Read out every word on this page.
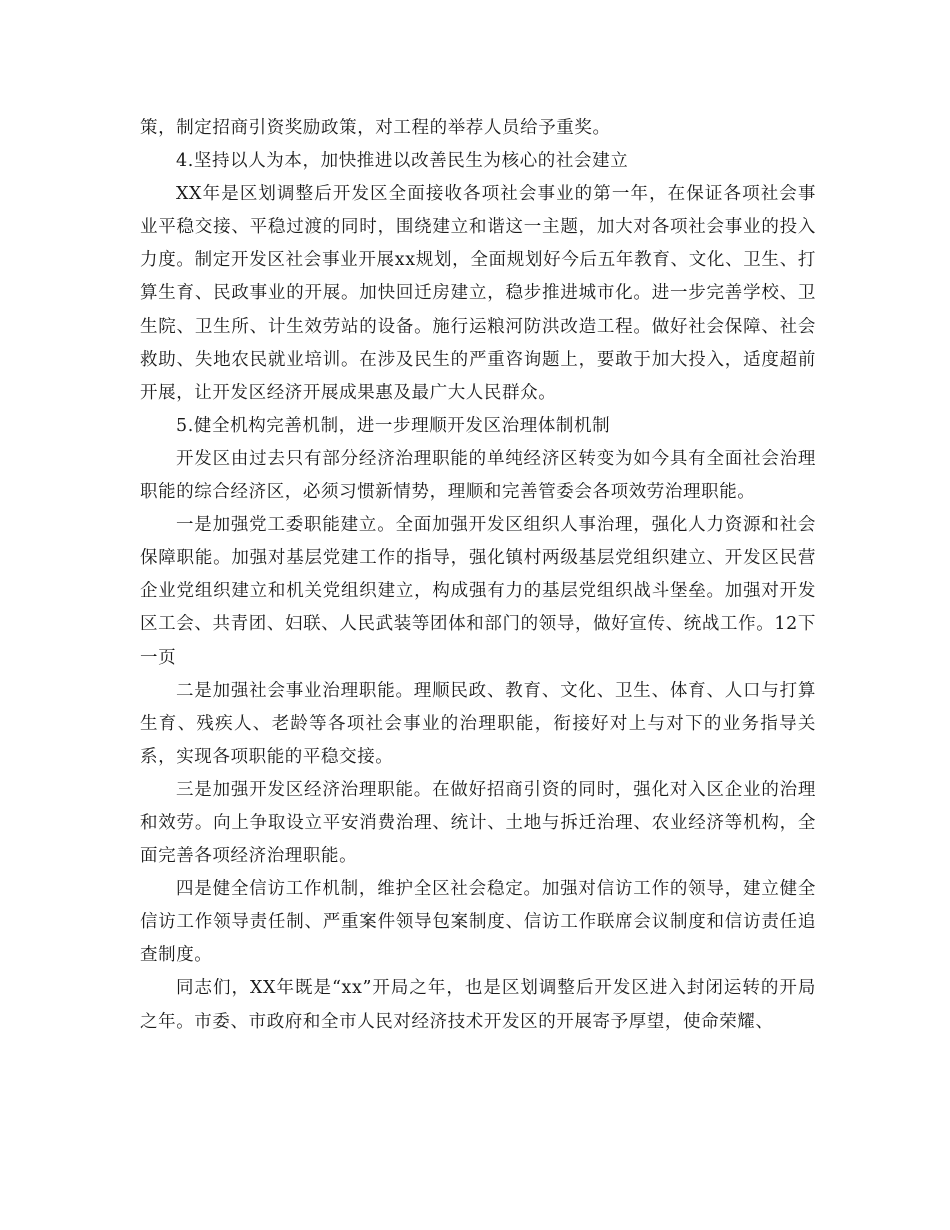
策，制定招商引资奖励政策，对工程的举荐人员给予重奖。

4.坚持以人为本，加快推进以改善民生为核心的社会建立

XX年是区划调整后开发区全面接收各项社会事业的第一年，在保证各项社会事业平稳交接、平稳过渡的同时，围绕建立和谐这一主题，加大对各项社会事业的投入力度。制定开发区社会事业开展xx规划，全面规划好今后五年教育、文化、卫生、打算生育、民政事业的开展。加快回迁房建立，稳步推进城市化。进一步完善学校、卫生院、卫生所、计生效劳站的设备。施行运粮河防洪改造工程。做好社会保障、社会救助、失地农民就业培训。在涉及民生的严重咨询题上，要敢于加大投入，适度超前开展，让开发区经济开展成果惠及最广大人民群众。

5.健全机构完善机制，进一步理顺开发区治理体制机制

开发区由过去只有部分经济治理职能的单纯经济区转变为如今具有全面社会治理职能的综合经济区，必须习惯新情势，理顺和完善管委会各项效劳治理职能。

一是加强党工委职能建立。全面加强开发区组织人事治理，强化人力资源和社会保障职能。加强对基层党建工作的指导，强化镇村两级基层党组织建立、开发区民营企业党组织建立和机关党组织建立，构成强有力的基层党组织战斗堡垒。加强对开发区工会、共青团、妇联、人民武装等团体和部门的领导，做好宣传、统战工作。12下一页

二是加强社会事业治理职能。理顺民政、教育、文化、卫生、体育、人口与打算生育、残疾人、老龄等各项社会事业的治理职能，衔接好对上与对下的业务指导关系，实现各项职能的平稳交接。

三是加强开发区经济治理职能。在做好招商引资的同时，强化对入区企业的治理和效劳。向上争取设立平安消费治理、统计、土地与拆迁治理、农业经济等机构，全面完善各项经济治理职能。

四是健全信访工作机制，维护全区社会稳定。加强对信访工作的领导，建立健全信访工作领导责任制、严重案件领导包案制度、信访工作联席会议制度和信访责任追查制度。

同志们，XX年既是“xx”开局之年，也是区划调整后开发区进入封闭运转的开局之年。市委、市政府和全市人民对经济技术开发区的开展寄予厚望，使命荣耀、
